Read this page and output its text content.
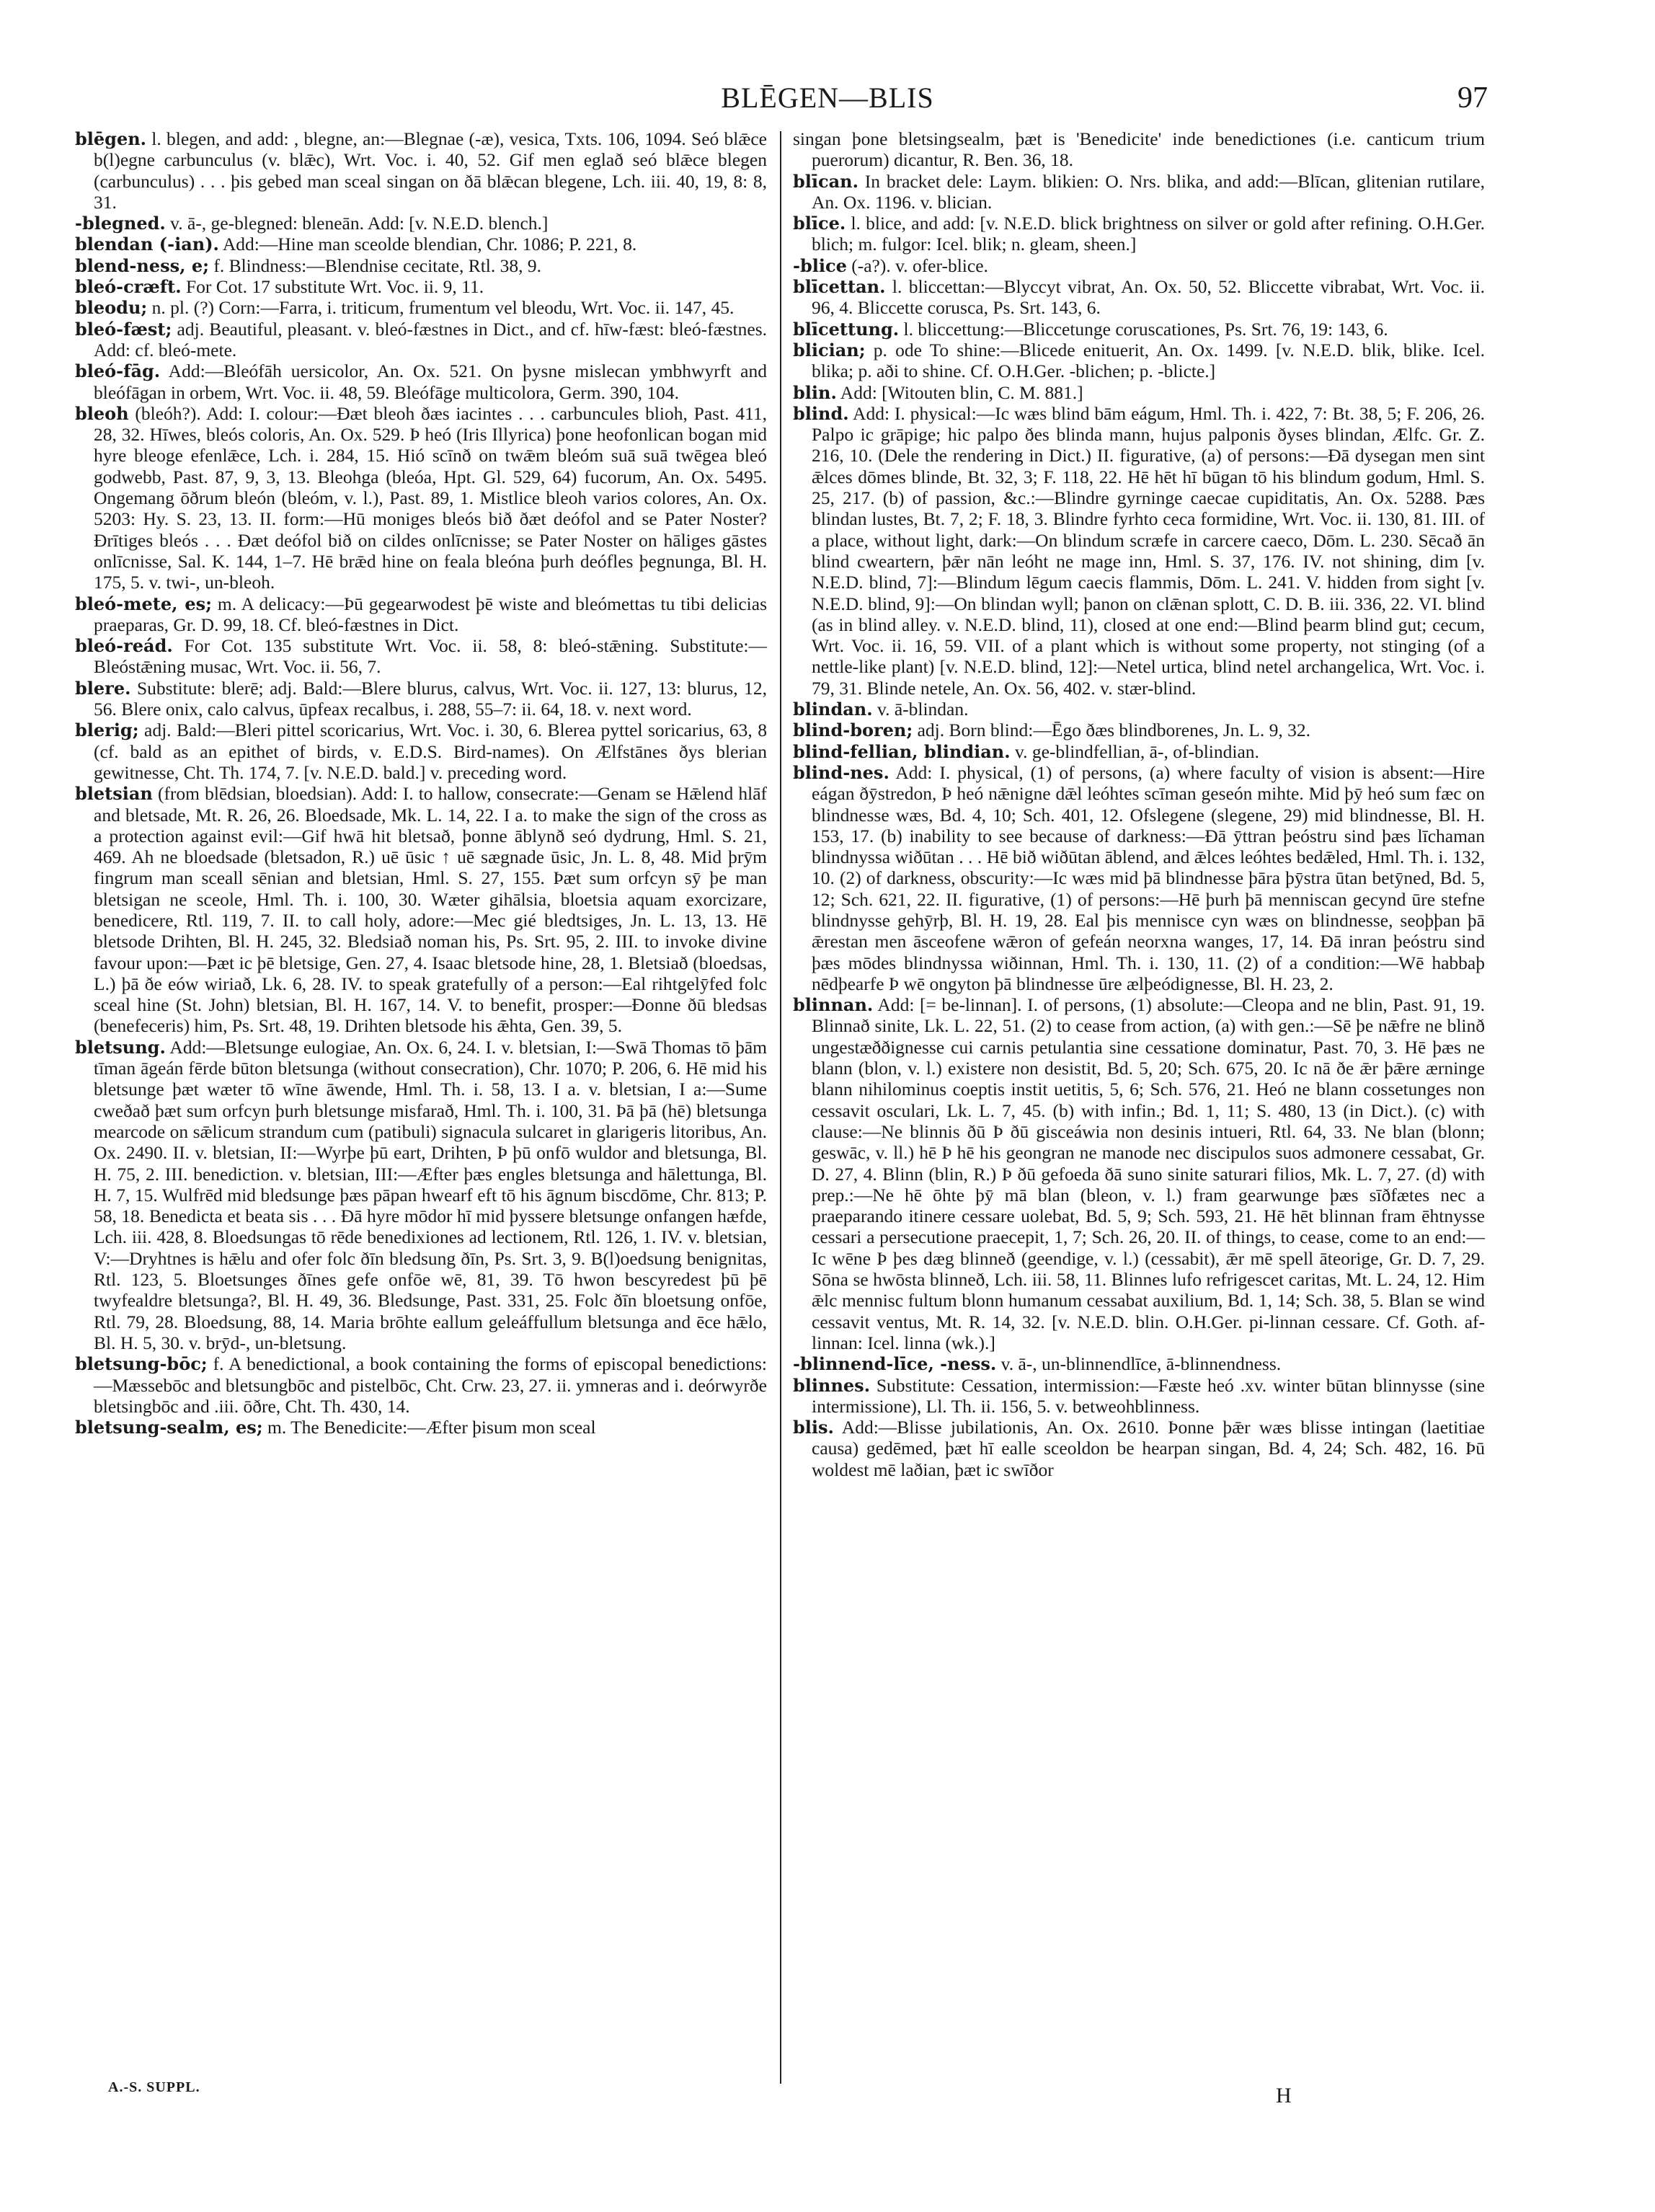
BLĒGEN—BLIS	97

blēgen. l. blegen, and add: , blegne, an:—Blegnae (-æ), vesica, Txts. 106, 1094. Seó blǣce b(l)egne carbunculus (v. blǣc), Wrt. Voc. i. 40, 52. Gif men eglað seó blǣce blegen (carbunculus) . . . þis gebed man sceal singan on ðā blǣcan blegene, Lch. iii. 40, 19, 8: 8, 31.

-blegned. v. ā-, ge-blegned: bleneān. Add: [v. N.E.D. blench.]

blendan (-ian). Add:—Hine man sceolde blendian, Chr. 1086; P. 221, 8.

blend-ness, e; f. Blindness:—Blendnise cecitate, Rtl. 38, 9.

bleó-cræft. For Cot. 17 substitute Wrt. Voc. ii. 9, 11.

bleodu; n. pl. (?) Corn:—Farra, i. triticum, frumentum vel bleodu, Wrt. Voc. ii. 147, 45.

bleó-fæst; adj. Beautiful, pleasant. v. bleó-fæstnes in Dict., and cf. hīw-fæst: bleó-fæstnes. Add: cf. bleó-mete.

bleó-fāg. Add:—Bleófāh uersicolor, An. Ox. 521. On þysne mislecan ymbhwyrft and bleófāgan in orbem, Wrt. Voc. ii. 48, 59. Bleófāge multicolora, Germ. 390, 104.

bleoh (bleóh?). Add: I. colour:—Ðæt bleoh ðæs iacintes . . . carbuncules blioh, Past. 411, 28, 32. Hīwes, bleós coloris, An. Ox. 529. Þ heó (Iris Illyrica) þone heofonlican bogan mid hyre bleoge efenlǣce, Lch. i. 284, 15. Hió scīnð on twǣm bleóm suā suā twēgea bleó godwebb, Past. 87, 9, 3, 13. Bleohga (bleóa, Hpt. Gl. 529, 64) fucorum, An. Ox. 5495. Ongemang ōðrum bleón (bleóm, v. l.), Past. 89, 1. Mistlice bleoh varios colores, An. Ox. 5203: Hy. S. 23, 13. II. form:—Hū moniges bleós bið ðæt deófol and se Pater Noster? Ðrītiges bleós . . . Ðæt deófol bið on cildes onlīcnisse; se Pater Noster on hāliges gāstes onlīcnisse, Sal. K. 144, 1–7. Hē brǣd hine on feala bleóna þurh deófles þegnunga, Bl. H. 175, 5. v. twi-, un-bleoh.

bleó-mete, es; m. A delicacy:—Þū gegearwodest þē wiste and bleómettas tu tibi delicias praeparas, Gr. D. 99, 18. Cf. bleó-fæstnes in Dict.

bleó-reád. For Cot. 135 substitute Wrt. Voc. ii. 58, 8: bleó-stǣning. Substitute:—Bleóstǣning musac, Wrt. Voc. ii. 56, 7.

blere. Substitute: blerē; adj. Bald:—Blere blurus, calvus, Wrt. Voc. ii. 127, 13: blurus, 12, 56. Blere onix, calo calvus, ūpfeax recalbus, i. 288, 55–7: ii. 64, 18. v. next word.

blerig; adj. Bald:—Bleri pittel scoricarius, Wrt. Voc. i. 30, 6. Blerea pyttel soricarius, 63, 8 (cf. bald as an epithet of birds, v. E.D.S. Bird-names). On Ælfstānes ðys blerian gewitnesse, Cht. Th. 174, 7. [v. N.E.D. bald.] v. preceding word.

bletsian (from blēdsian, bloedsian). Add: I. to hallow, consecrate:—Genam se Hǣlend hlāf and bletsade, Mt. R. 26, 26. Bloedsade, Mk. L. 14, 22. I a. to make the sign of the cross as a protection against evil:—Gif hwā hit bletsað, þonne āblynð seó dydrung, Hml. S. 21, 469. Ah ne bloedsade (bletsadon, R.) uē ūsic ↑ uē sægnade ūsic, Jn. L. 8, 48. Mid þrȳm fingrum man sceall sēnian and bletsian, Hml. S. 27, 155. Þæt sum orfcyn sȳ þe man bletsigan ne sceole, Hml. Th. i. 100, 30. Wæter gihālsia, bloetsia aquam exorcizare, benedicere, Rtl. 119, 7. II. to call holy, adore:—Mec gié bledtsiges, Jn. L. 13, 13. Hē bletsode Drihten, Bl. H. 245, 32. Bledsiað noman his, Ps. Srt. 95, 2. III. to invoke divine favour upon:—Þæt ic þē bletsige, Gen. 27, 4. Isaac bletsode hine, 28, 1. Bletsiað (bloedsas, L.) þā ðe eów wiriað, Lk. 6, 28. IV. to speak gratefully of a person:—Eal rihtgelȳfed folc sceal hine (St. John) bletsian, Bl. H. 167, 14. V. to benefit, prosper:—Ðonne ðū bledsas (benefeceris) him, Ps. Srt. 48, 19. Drihten bletsode his ǣhta, Gen. 39, 5.

bletsung. Add:—Bletsunge eulogiae, An. Ox. 6, 24. I. v. bletsian, I:—Swā Thomas tō þām tīman āgeán fērde būton bletsunga (without consecration), Chr. 1070; P. 206, 6. Hē mid his bletsunge þæt wæter tō wīne āwende, Hml. Th. i. 58, 13. I a. v. bletsian, I a:—Sume cweðað þæt sum orfcyn þurh bletsunge misfarað, Hml. Th. i. 100, 31. Þā þā (hē) bletsunga mearcode on sǣlicum strandum cum (patibuli) signacula sulcaret in glarigeris litoribus, An. Ox. 2490. II. v. bletsian, II:—Wyrþe þū eart, Drihten, Þ þū onfō wuldor and bletsunga, Bl. H. 75, 2. III. benediction. v. bletsian, III:—Æfter þæs engles bletsunga and hālettunga, Bl. H. 7, 15. Wulfrēd mid bledsunge þæs pāpan hwearf eft tō his āgnum biscdōme, Chr. 813; P. 58, 18. Benedicta et beata sis . . . Ðā hyre mōdor hī mid þyssere bletsunge onfangen hæfde, Lch. iii. 428, 8. Bloedsungas tō rēde benedixiones ad lectionem, Rtl. 126, 1. IV. v. bletsian, V:—Dryhtnes is hǣlu and ofer folc ðīn bledsung ðīn, Ps. Srt. 3, 9. B(l)oedsung benignitas, Rtl. 123, 5. Bloetsunges ðīnes gefe onfōe wē, 81, 39. Tō hwon bescyredest þū þē twyfealdre bletsunga?, Bl. H. 49, 36. Bledsunge, Past. 331, 25. Folc ðīn bloetsung onfōe, Rtl. 79, 28. Bloedsung, 88, 14. Maria brōhte eallum geleáffullum bletsunga and ēce hǣlo, Bl. H. 5, 30. v. brȳd-, un-bletsung.

bletsung-bōc; f. A benedictional, a book containing the forms of episcopal benedictions:—Mæssebōc and bletsungbōc and pistelbōc, Cht. Crw. 23, 27. ii. ymneras and i. deórwyrðe bletsingbōc and .iii. ōðre, Cht. Th. 430, 14.

bletsung-sealm, es; m. The Benedicite:—Æfter þisum mon sceal

singan þone bletsingsealm, þæt is 'Benedicite' inde benedictiones (i.e. canticum trium puerorum) dicantur, R. Ben. 36, 18.

blīcan. In bracket dele: Laym. blikien: O. Nrs. blika, and add:—Blīcan, glitenian rutilare, An. Ox. 1196. v. blician.

blīce. l. blice, and add: [v. N.E.D. blick brightness on silver or gold after refining. O.H.Ger. blich; m. fulgor: Icel. blik; n. gleam, sheen.]

-blice (-a?). v. ofer-blice.

blīcettan. l. bliccettan:—Blyccyt vibrat, An. Ox. 50, 52. Bliccette vibrabat, Wrt. Voc. ii. 96, 4. Bliccette corusca, Ps. Srt. 143, 6.

blīcettung. l. bliccettung:—Bliccetunge coruscationes, Ps. Srt. 76, 19: 143, 6.

blician; p. ode To shine:—Blicede enituerit, An. Ox. 1499. [v. N.E.D. blik, blike. Icel. blika; p. aði to shine. Cf. O.H.Ger. -blichen; p. -blicte.]

blin. Add: [Witouten blin, C. M. 881.]

blind. Add: I. physical:—Ic wæs blind bām eágum, Hml. Th. i. 422, 7: Bt. 38, 5; F. 206, 26. Palpo ic grāpige; hic palpo ðes blinda mann, hujus palponis ðyses blindan, Ælfc. Gr. Z. 216, 10. (Dele the rendering in Dict.) II. figurative, (a) of persons:—Ðā dysegan men sint ǣlces dōmes blinde, Bt. 32, 3; F. 118, 22. Hē hēt hī būgan tō his blindum godum, Hml. S. 25, 217. (b) of passion, &c.:—Blindre gyrninge caecae cupiditatis, An. Ox. 5288. Þæs blindan lustes, Bt. 7, 2; F. 18, 3. Blindre fyrhto ceca formidine, Wrt. Voc. ii. 130, 81. III. of a place, without light, dark:—On blindum scræfe in carcere caeco, Dōm. L. 230. Sēcað ān blind cweartern, þǣr nān leóht ne mage inn, Hml. S. 37, 176. IV. not shining, dim [v. N.E.D. blind, 7]:—Blindum lēgum caecis flammis, Dōm. L. 241. V. hidden from sight [v. N.E.D. blind, 9]:—On blindan wyll; þanon on clǣnan splott, C. D. B. iii. 336, 22. VI. blind (as in blind alley. v. N.E.D. blind, 11), closed at one end:—Blind þearm blind gut; cecum, Wrt. Voc. ii. 16, 59. VII. of a plant which is without some property, not stinging (of a nettle-like plant) [v. N.E.D. blind, 12]:—Netel urtica, blind netel archangelica, Wrt. Voc. i. 79, 31. Blinde netele, An. Ox. 56, 402. v. stær-blind.

blindan. v. ā-blindan.

blind-boren; adj. Born blind:—Ēgo ðæs blindborenes, Jn. L. 9, 32.

blind-fellian, blindian. v. ge-blindfellian, ā-, of-blindian.

blind-nes. Add: I. physical, (1) of persons, (a) where faculty of vision is absent:—Hire eágan ðȳstredon, Þ heó nǣnigne dǣl leóhtes scīman geseón mihte. Mid þȳ heó sum fæc on blindnesse wæs, Bd. 4, 10; Sch. 401, 12. Ofslegene (slegene, 29) mid blindnesse, Bl. H. 153, 17. (b) inability to see because of darkness:—Ðā ȳttran þeóstru sind þæs līchaman blindnyssa wiðūtan . . . Hē bið wiðūtan āblend, and ǣlces leóhtes bedǣled, Hml. Th. i. 132, 10. (2) of darkness, obscurity:—Ic wæs mid þā blindnesse þāra þȳstra ūtan betȳned, Bd. 5, 12; Sch. 621, 22. II. figurative, (1) of persons:—Hē þurh þā menniscan gecynd ūre stefne blindnysse gehȳrþ, Bl. H. 19, 28. Eal þis mennisce cyn wæs on blindnesse, seoþþan þā ǣrestan men āsceofene wǣron of gefeán neorxna wanges, 17, 14. Ðā inran þeóstru sind þæs mōdes blindnyssa wiðinnan, Hml. Th. i. 130, 11. (2) of a condition:—Wē habbaþ nēdþearfe Þ wē ongyton þā blindnesse ūre ælþeódignesse, Bl. H. 23, 2.

blinnan. Add: [= be-linnan]. I. of persons, (1) absolute:—Cleopa and ne blin, Past. 91, 19. Blinnað sinite, Lk. L. 22, 51. (2) to cease from action, (a) with gen.:—Sē þe nǣfre ne blinð ungestæððignesse cui carnis petulantia sine cessatione dominatur, Past. 70, 3. Hē þæs ne blann (blon, v. l.) existere non desistit, Bd. 5, 20; Sch. 675, 20. Ic nā ðe ǣr þǣre ærninge blann nihilominus coeptis instit uetitis, 5, 6; Sch. 576, 21. Heó ne blann cossetunges non cessavit osculari, Lk. L. 7, 45. (b) with infin.; Bd. 1, 11; S. 480, 13 (in Dict.). (c) with clause:—Ne blinnis ðū Þ ðū gisceáwia non desinis intueri, Rtl. 64, 33. Ne blan (blonn; geswāc, v. ll.) hē Þ hē his geongran ne manode nec discipulos suos admonere cessabat, Gr. D. 27, 4. Blinn (blin, R.) Þ ðū gefoeda ðā suno sinite saturari filios, Mk. L. 7, 27. (d) with prep.:—Ne hē ōhte þȳ mā blan (bleon, v. l.) fram gearwunge þæs sīðfætes nec a praeparando itinere cessare uolebat, Bd. 5, 9; Sch. 593, 21. Hē hēt blinnan fram ēhtnysse cessari a persecutione praecepit, 1, 7; Sch. 26, 20. II. of things, to cease, come to an end:—Ic wēne Þ þes dæg blinneð (geendige, v. l.) (cessabit), ǣr mē spell āteorige, Gr. D. 7, 29. Sōna se hwōsta blinneð, Lch. iii. 58, 11. Blinnes lufo refrigescet caritas, Mt. L. 24, 12. Him ǣlc mennisc fultum blonn humanum cessabat auxilium, Bd. 1, 14; Sch. 38, 5. Blan se wind cessavit ventus, Mt. R. 14, 32. [v. N.E.D. blin. O.H.Ger. pi-linnan cessare. Cf. Goth. af-linnan: Icel. linna (wk.).]

-blinnend-līce, -ness. v. ā-, un-blinnendlīce, ā-blinnendness.

blinnes. Substitute: Cessation, intermission:—Fæste heó .xv. winter būtan blinnysse (sine intermissione), Ll. Th. ii. 156, 5. v. betweohblinness.

blis. Add:—Blisse jubilationis, An. Ox. 2610. Þonne þǣr wæs blisse intingan (laetitiae causa) gedēmed, þæt hī ealle sceoldon be hearpan singan, Bd. 4, 24; Sch. 482, 16. Þū woldest mē laðian, þæt ic swīðor

A.-S. SUPPL.	H
